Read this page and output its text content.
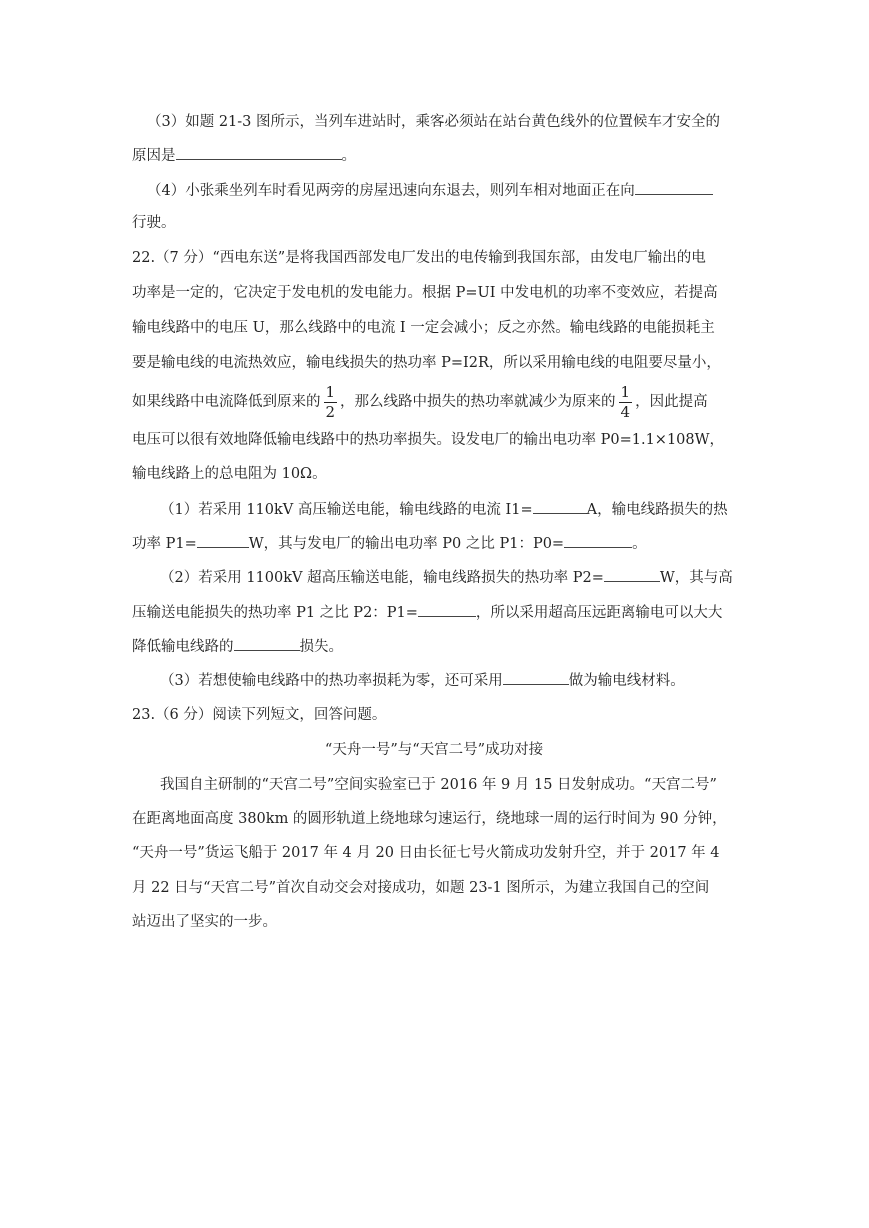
（3）如题 21-3 图所示，当列车进站时，乘客必须站在站台黄色线外的位置候车才安全的
原因是	。
（4）小张乘坐列车时看见两旁的房屋迅速向东退去，则列车相对地面正在向
行驶。
22.（7 分）“西电东送”是将我国西部发电厂发出的电传输到我国东部，由发电厂输出的电
功率是一定的，它决定于发电机的发电能力。根据 P=UI 中发电机的功率不变效应，若提高
输电线路中的电压 U，那么线路中的电流 I 一定会减小；反之亦然。输电线路的电能损耗主
要是输电线的电流热效应，输电线损失的热功率 P=I2R，所以采用输电线的电阻要尽量小，
如果线路中电流降低到原来的 $\frac{1}{2}$ ，那么线路中损失的热功率就减少为原来的 $\frac{1}{4}$ ，因此提高
电压可以很有效地降低输电线路中的热功率损失。设发电厂的输出电功率 P0=1.1×108W，
输电线路上的总电阻为 10Ω。
（1）若采用 110kV 高压输送电能，输电线路的电流 I1=	A，输电线路损失的热
功率 P1=	W，其与发电厂的输出电功率 P0 之比 P1：P0=	。
（2）若采用 1100kV 超高压输送电能，输电线路损失的热功率 P2=	W，其与高
压输送电能损失的热功率 P1 之比 P2：P1=	，所以采用超高压远距离输电可以大大
降低输电线路的	损失。
（3）若想使输电线路中的热功率损耗为零，还可采用	做为输电线材料。
23.（6 分）阅读下列短文，回答问题。
“天舟一号”与“天宫二号”成功对接
我国自主研制的“天宫二号”空间实验室已于 2016 年 9 月 15 日发射成功。“天宫二号”
在距离地面高度 380km 的圆形轨道上绕地球匀速运行，绕地球一周的运行时间为 90 分钟，
“天舟一号”货运飞船于 2017 年 4 月 20 日由长征七号火箭成功发射升空，并于 2017 年 4
月 22 日与“天宫二号”首次自动交会对接成功，如题 23-1 图所示，为建立我国自己的空间
站迈出了坚实的一步。
